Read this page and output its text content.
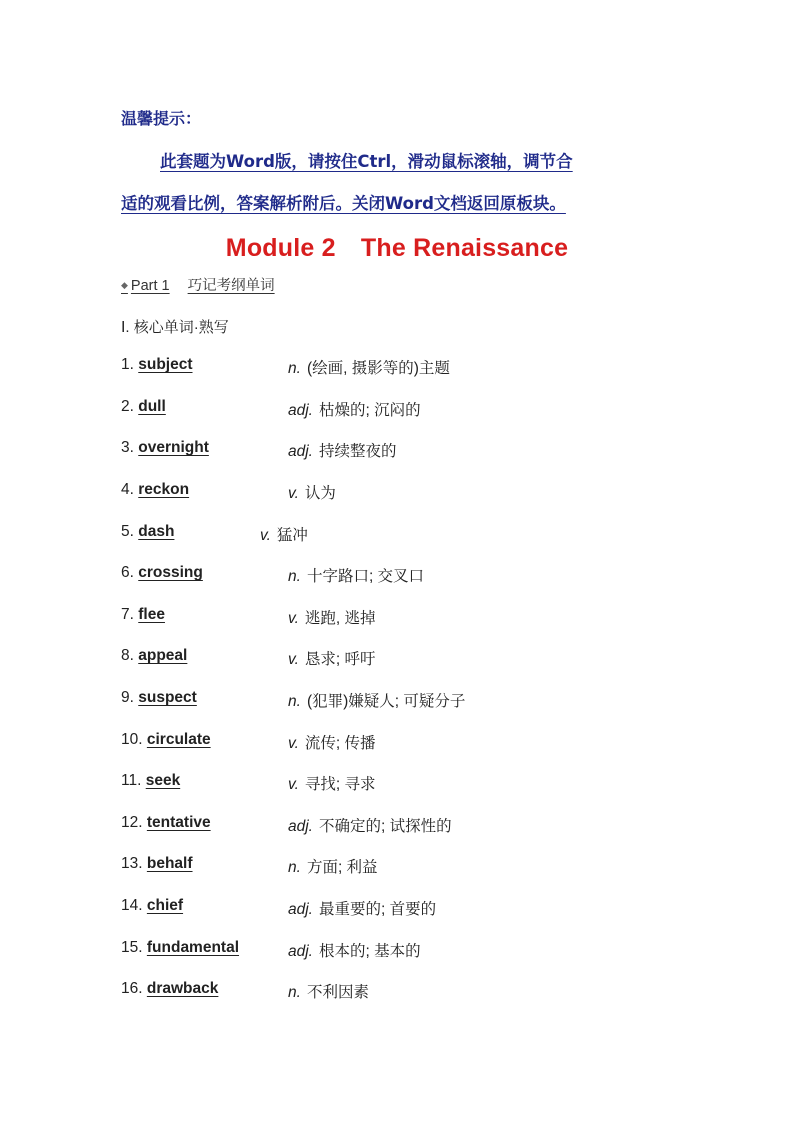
温馨提示：
此套题为Word版，请按住Ctrl，滑动鼠标滚轴，调节合
适的观看比例，答案解析附后。关闭Word文档返回原板块。
Module 2　The Renaissance
◆ Part 1 巧记考纲单词
Ⅰ. 核心单词·熟写
1. subject	n. (绘画, 摄影等的)主题
2. dull	adj. 枯燥的; 沉闷的
3. overnight	adj. 持续整夜的
4. reckon	v. 认为
5. dash	v. 猛冲
6. crossing	n. 十字路口; 交叉口
7. flee	v. 逃跑, 逃掉
8. appeal	v. 恳求; 呼吁
9. suspect	n. (犯罪)嫌疑人; 可疑分子
10. circulate	v. 流传; 传播
11. seek	v. 寻找; 寻求
12. tentative	adj. 不确定的; 试探性的
13. behalf	n. 方面; 利益
14. chief	adj. 最重要的; 首要的
15. fundamental	adj. 根本的; 基本的
16. drawback	n. 不利因素
